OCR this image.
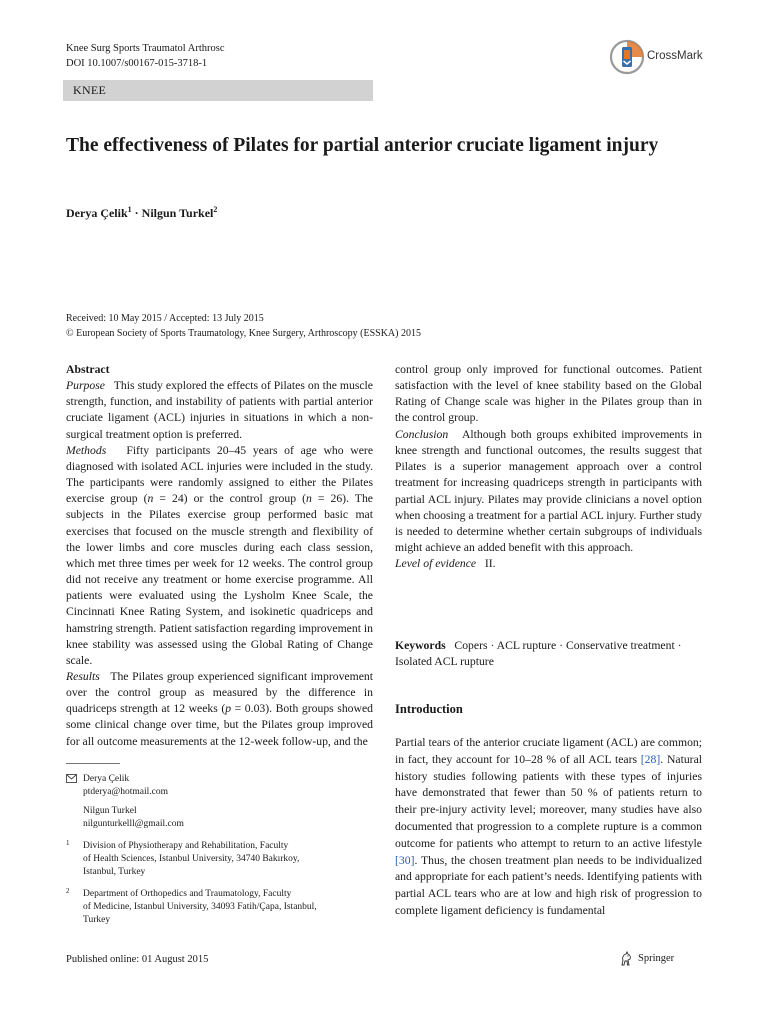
Knee Surg Sports Traumatol Arthrosc
DOI 10.1007/s00167-015-3718-1
CrossMark
KNEE
The effectiveness of Pilates for partial anterior cruciate ligament injury
Derya Çelik$^1$ · Nilgun Turkel$^2$
Received: 10 May 2015 / Accepted: 13 July 2015
© European Society of Sports Traumatology, Knee Surgery, Arthroscopy (ESSKA) 2015

Abstract

Purpose This study explored the effects of Pilates on the muscle strength, function, and instability of patients with partial anterior cruciate ligament (ACL) injuries in situations in which a non-surgical treatment option is preferred.

Methods Fifty participants 20–45 years of age who were diagnosed with isolated ACL injuries were included in the study. The participants were randomly assigned to either the Pilates exercise group (n = 24) or the control group (n = 26). The subjects in the Pilates exercise group performed basic mat exercises that focused on the muscle strength and flexibility of the lower limbs and core muscles during each class session, which met three times per week for 12 weeks. The control group did not receive any treatment or home exercise programme. All patients were evaluated using the Lysholm Knee Scale, the Cincinnati Knee Rating System, and isokinetic quadriceps and hamstring strength. Patient satisfaction regarding improvement in knee stability was assessed using the Global Rating of Change scale.

Results The Pilates group experienced significant improvement over the control group as measured by the difference in quadriceps strength at 12 weeks (p = 0.03). Both groups showed some clinical change over time, but the Pilates group improved for all outcome measurements at the 12-week follow-up, and the

control group only improved for functional outcomes. Patient satisfaction with the level of knee stability based on the Global Rating of Change scale was higher in the Pilates group than in the control group.

Conclusion Although both groups exhibited improvements in knee strength and functional outcomes, the results suggest that Pilates is a superior management approach over a control treatment for increasing quadriceps strength in participants with partial ACL injury. Pilates may provide clinicians a novel option when choosing a treatment for a partial ACL injury. Further study is needed to determine whether certain subgroups of individuals might achieve an added benefit with this approach.

Level of evidence II.

Keywords Copers · ACL rupture · Conservative treatment · Isolated ACL rupture
Introduction
Partial tears of the anterior cruciate ligament (ACL) are common; in fact, they account for 10–28 % of all ACL tears [28]. Natural history studies following patients with these types of injuries have demonstrated that fewer than 50 % of patients return to their pre-injury activity level; moreover, many studies have also documented that progression to a complete rupture is a common outcome for patients who attempt to return to an active lifestyle [30]. Thus, the chosen treatment plan needs to be individualized and appropriate for each patient’s needs. Identifying patients with partial ACL tears who are at low and high risk of progression to complete ligament deficiency is fundamental
Derya Çelik
ptderya@hotmail.com
Nilgun Turkel
nilgunturkelll@gmail.com
1 Division of Physiotherapy and Rehabilitation, Faculty
of Health Sciences, Istanbul University, 34740 Bakırkoy,
Istanbul, Turkey
2 Department of Orthopedics and Traumatology, Faculty
of Medicine, Istanbul University, 34093 Fatih/Çapa, Istanbul,
Turkey
Published online: 01 August 2015	Springer
